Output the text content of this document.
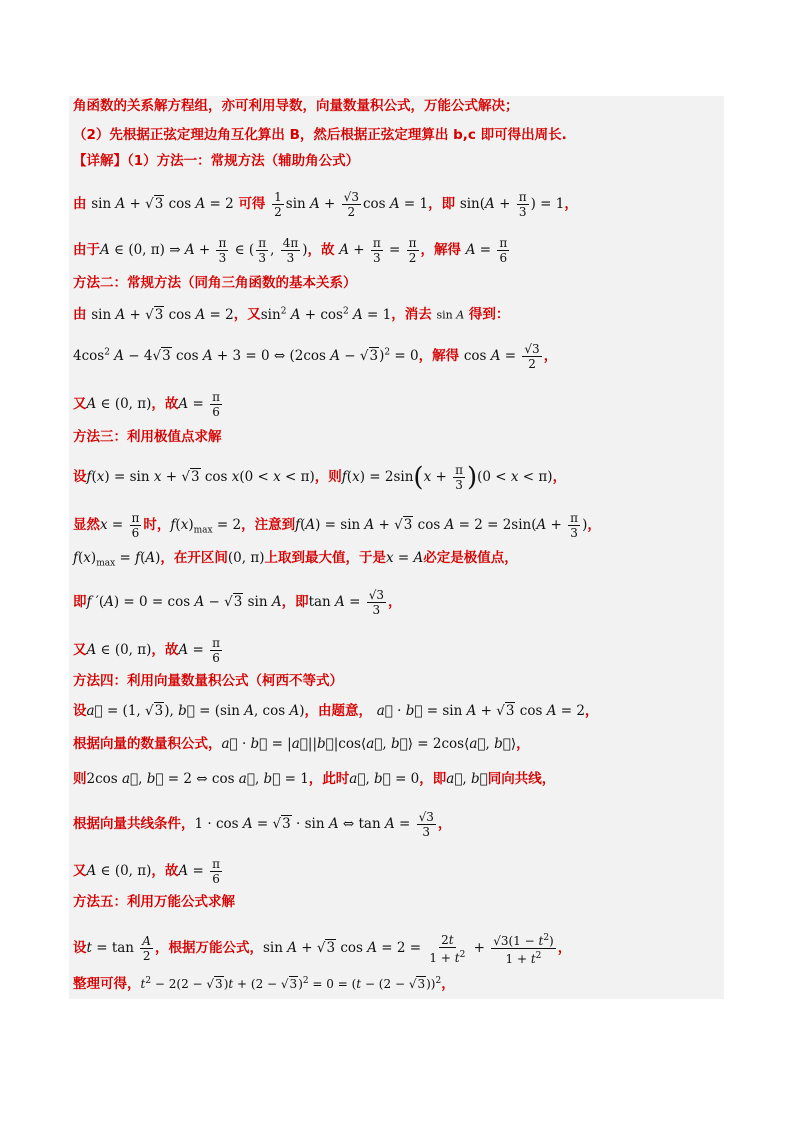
角函数的关系解方程组，亦可利用导数，向量数量积公式，万能公式解决；
（2）先根据正弦定理边角互化算出 B，然后根据正弦定理算出 b,c 即可得出周长.
【详解】（1）方法一：常规方法（辅助角公式）
由 sin A + √3 cos A = 2 可得 $\frac{1}{2}$ $\sin A + \frac{√3}{2}$ cos A = 1，即 $\sin(A + \frac{\pi}{3}$ ) = 1，
由于A ∈ (0, π) ⇒ $A + \frac{\pi}{3}$ ∈ ( $\frac{\pi}{3}$ , $\frac{4\pi}{3}$ )，故 $A + \frac{\pi}{3} = \frac{\pi}{2}$ ，解得 $A = \frac{\pi}{6}$
方法二：常规方法（同角三角函数的基本关系）
由 sin A + √3 cos A = 2，又$\sin^2 A + \cos^2 A = 1$，消去 sin A 得到：
$4\cos^2$ A − 4√3 cos A + 3 = 0 ⇔ (2cos A − √3)$^2$ = 0，解得 $\cos A = \frac{√3}{2}$ ，
又A ∈ (0, π)，故$A = \frac{\pi}{6}$
方法三：利用极值点求解
设f(x) = sin x + √3 cos x(0 < x < π)，则$f(x) = 2\sin(x + \frac{\pi}{3} )(0 < x < \pi)$，
显然$x = \frac{\pi}{6}$ 时，$f(x)_{max} = 2$，注意到f(A) = sin A + √3 $\cos A = 2 = 2\sin(A + \frac{\pi}{3}$ )，
$f(x)_{max} = f(A)$，在开区间(0, π)上取到最大值，于是x = A必定是极值点，
即f ′(A) = 0 = cos A − √3 sin A，即$\tan A = \frac{√3}{3}$ ，
又A ∈ (0, π)，故$A = \frac{\pi}{6}$
方法四：利用向量数量积公式（柯西不等式）
设a⃗ = (1, √3), b⃗ = (sin A, cos A)，由题意， a⃗ · b⃗ = sin A + √3 cos A = 2，
根据向量的数量积公式，a⃗ · b⃗ = |a⃗||b⃗|cos⟨a⃗, b⃗⟩ = 2cos⟨a⃗, b⃗⟩，
则2cos a⃗, b⃗ = 2 ⇔ cos a⃗, b⃗ = 1，此时a⃗, b⃗ = 0，即a⃗, b⃗同向共线，
根据向量共线条件，1 · cos A = √3 · sin A ⇔ $\tan A = \frac{√3}{3}$ ，
又A ∈ (0, π)，故$A = \frac{\pi}{6}$
方法五：利用万能公式求解
设$t = \tan \frac{A}{2}$ ，根据万能公式，sin A + √3 $\cos A = 2 = \frac{2t}{1 + t^2} + \frac{√3(1 - t^2)}{1 + t^2}$ ，
整理可得，$t^2 - 2(2 - √3)t + (2 - √3)^2 = 0 = (t - (2 - √3))^2$，
